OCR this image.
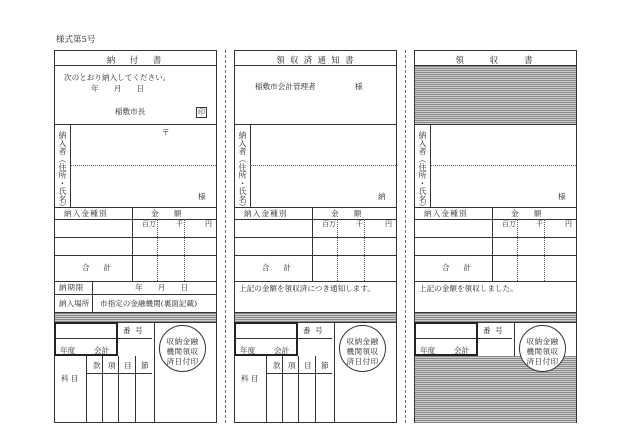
様式第5号
納　付　書
次のとおり納入してください。
年　　月　　日
稲敷市長	印
納入者（住所・氏名）	〒
様
納入金種別	金　　額
百万	千	円
合　計
納期限	年　　月　　日
納入場所 市指定の金融機関(裏面記載)
番号
年度 会計
款 項 目 節
科目
収納金融
機関領収
済日付印
領 収 済 通 知 書
稲敷市会計管理者	様
納入者（住所・氏名）	納
納入金種別	金　　額
百万	千	円
合　計
上記の金額を領収済につき通知します。
番号
年度 会計
款 項 目 節
科目
収納金融
機関領収
済日付印
領　　収　　書
納入者（住所・氏名）	様
納入金種別	金　　額
百万	千	円
合　計
上記の金額を領収しました。
番号
年度 会計
収納金融
機関領収
済日付印
